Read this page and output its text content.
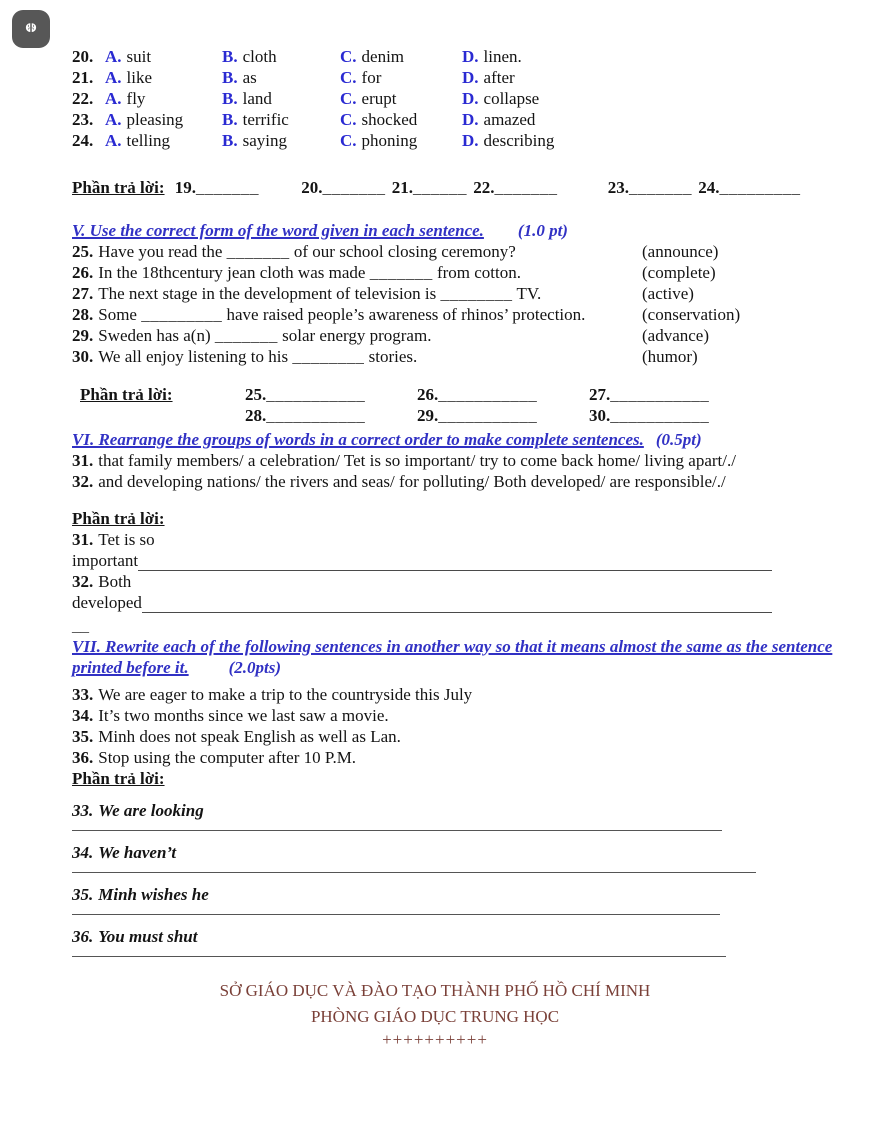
20. A. suit	B. cloth	C. denim	D. linen.
21. A. like	B. as	C. for	D. after
22. A. fly	B. land	C. erupt	D. collapse
23. A. pleasing	B. terrific	C. shocked	D. amazed
24. A. telling	B. saying	C. phoning	D. describing
Phần trả lời: 19._______ 20._______ 21.______ 22._______	23._______ 24._________
V. Use the correct form of the word given in each sentence. (1.0 pt)
25. Have you read the _______ of our school closing ceremony?	(announce)
26. In the 18thcentury jean cloth was made _______ from cotton.	(complete)
27. The next stage in the development of television is ________ TV.	(active)
28. Some _________ have raised people’s awareness of rhinos’ protection.	(conservation)
29. Sweden has a(n) _______ solar energy program.	(advance)
30. We all enjoy listening to his ________ stories.	(humor)
Phần trả lời:	25.___________	26.___________	27.___________
28.___________	29.___________	30.___________
VI. Rearrange the groups of words in a correct order to make complete sentences. (0.5pt)
31. that family members/ a celebration/ Tet is so important/ try to come back home/ living apart/./
32. and developing nations/ the rivers and seas/ for polluting/ Both developed/ are responsible/./
Phần trả lời:
31. Tet is so
important
32. Both
developed
__
VII. Rewrite each of the following sentences in another way so that it means almost the same as the sentence printed before it. (2.0pts)
33. We are eager to make a trip to the countryside this July
34. It’s two months since we last saw a movie.
35. Minh does not speak English as well as Lan.
36. Stop using the computer after 10 P.M.
Phần trả lời:
33. We are looking
34. We haven’t
35. Minh wishes he
36. You must shut
SỞ GIÁO DỤC VÀ ĐÀO TẠO THÀNH PHỐ HỒ CHÍ MINH
PHÒNG GIÁO DỤC TRUNG HỌC
++++++++++
